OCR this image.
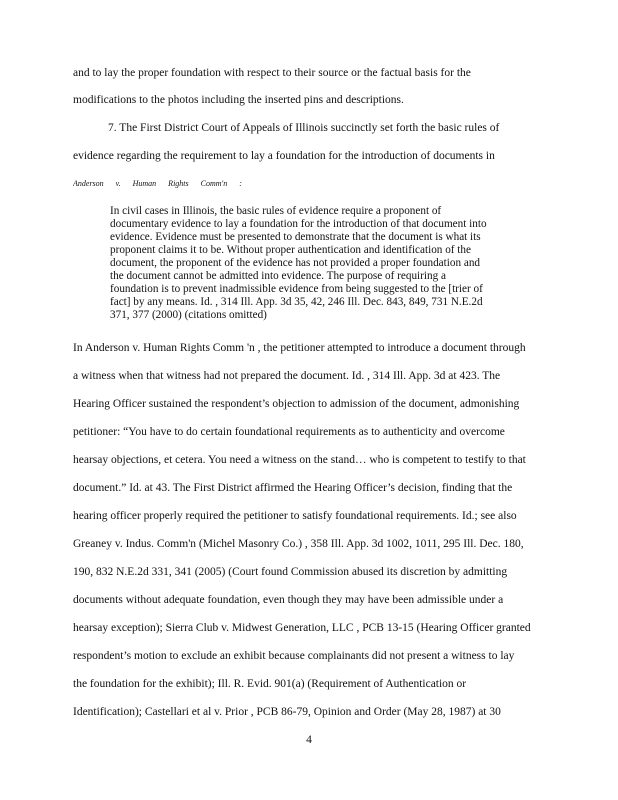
and to lay the proper foundation with respect to their source or the factual basis for the
modifications to the photos including the inserted pins and descriptions.
7. The First District Court of Appeals of Illinois succinctly set forth the basic rules of
evidence regarding the requirement to lay a foundation for the introduction of documents in
Anderson v. Human Rights Comm'n :
In civil cases in Illinois, the basic rules of evidence require a proponent of
documentary evidence to lay a foundation for the introduction of that document into
evidence. Evidence must be presented to demonstrate that the document is what its
proponent claims it to be. Without proper authentication and identification of the
document, the proponent of the evidence has not provided a proper foundation and
the document cannot be admitted into evidence. The purpose of requiring a
foundation is to prevent inadmissible evidence from being suggested to the [trier of
fact] by any means. Id. , 314 Ill. App. 3d 35, 42, 246 Ill. Dec. 843, 849, 731 N.E.2d
371, 377 (2000) (citations omitted)
In Anderson v. Human Rights Comm 'n , the petitioner attempted to introduce a document through
a witness when that witness had not prepared the document. Id. , 314 Ill. App. 3d at 423. The
Hearing Officer sustained the respondent’s objection to admission of the document, admonishing
petitioner: “You have to do certain foundational requirements as to authenticity and overcome
hearsay objections, et cetera. You need a witness on the stand… who is competent to testify to that
document.” Id. at 43. The First District affirmed the Hearing Officer’s decision, finding that the
hearing officer properly required the petitioner to satisfy foundational requirements. Id.; see also
Greaney v. Indus. Comm'n (Michel Masonry Co.) , 358 Ill. App. 3d 1002, 1011, 295 Ill. Dec. 180,
190, 832 N.E.2d 331, 341 (2005) (Court found Commission abused its discretion by admitting
documents without adequate foundation, even though they may have been admissible under a
hearsay exception); Sierra Club v. Midwest Generation, LLC , PCB 13-15 (Hearing Officer granted
respondent’s motion to exclude an exhibit because complainants did not present a witness to lay
the foundation for the exhibit); Ill. R. Evid. 901(a) (Requirement of Authentication or
Identification); Castellari et al v. Prior , PCB 86-79, Opinion and Order (May 28, 1987) at 30
4
